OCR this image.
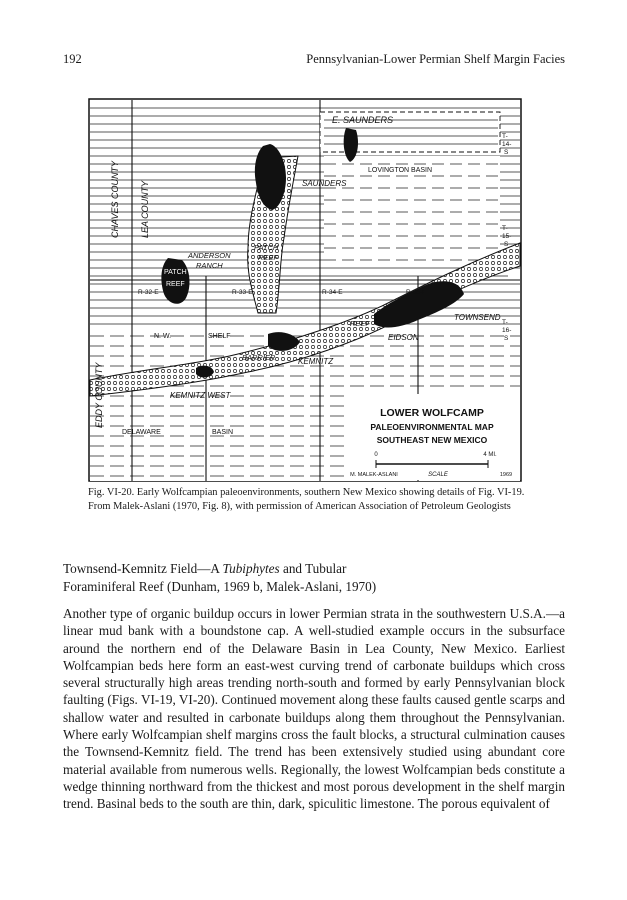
192	Pennsylvanian-Lower Permian Shelf Margin Facies
E. SAUNDERS
SAUNDERS
LOVINGTON BASIN
CHAVES COUNTY LEA COUNTY
EDDY COUNTY
PATCH
REEF
ANDERSON
RANCH
PATCH
REEF
R-32-E	R-33-E	R-34-E	R-35-E
TOWNSEND
EIDSON
REEF
N. W.	SHELF
BARRIER	KEMNITZ
KEMNITZ WEST
DELAWARE	BASIN
T-
14-
S
T-
15-
S
T-
16-
S
LOWER WOLFCAMP
PALEOENVIRONMENTAL MAP
SOUTHEAST NEW MEXICO
0	4 MI.
M. MALEK-ASLANI	SCALE	1969
Fig. VI-20. Early Wolfcampian paleoenvironments, southern New Mexico showing details of Fig. VI-19. From Malek-Aslani (1970, Fig. 8), with permission of American Association of Petroleum Geologists
Townsend-Kemnitz Field—A Tubiphytes and Tubular
Foraminiferal Reef (Dunham, 1969 b, Malek-Aslani, 1970)

Another type of organic buildup occurs in lower Permian strata in the southwestern U.S.A.—a linear mud bank with a boundstone cap. A well-studied example occurs in the subsurface around the northern end of the Delaware Basin in Lea County, New Mexico. Earliest Wolfcampian beds here form an east-west curving trend of carbonate buildups which cross several structurally high areas trending north-south and formed by early Pennsylvanian block faulting (Figs. VI-19, VI-20). Continued movement along these faults caused gentle scarps and shallow water and resulted in carbonate buildups along them throughout the Pennsylvanian. Where early Wolfcampian shelf margins cross the fault blocks, a structural culmination causes the Townsend-Kemnitz field. The trend has been extensively studied using abundant core material available from numerous wells. Regionally, the lowest Wolfcampian beds constitute a wedge thinning northward from the thickest and most porous development in the shelf margin trend. Basinal beds to the south are thin, dark, spiculitic limestone. The porous equivalent of
